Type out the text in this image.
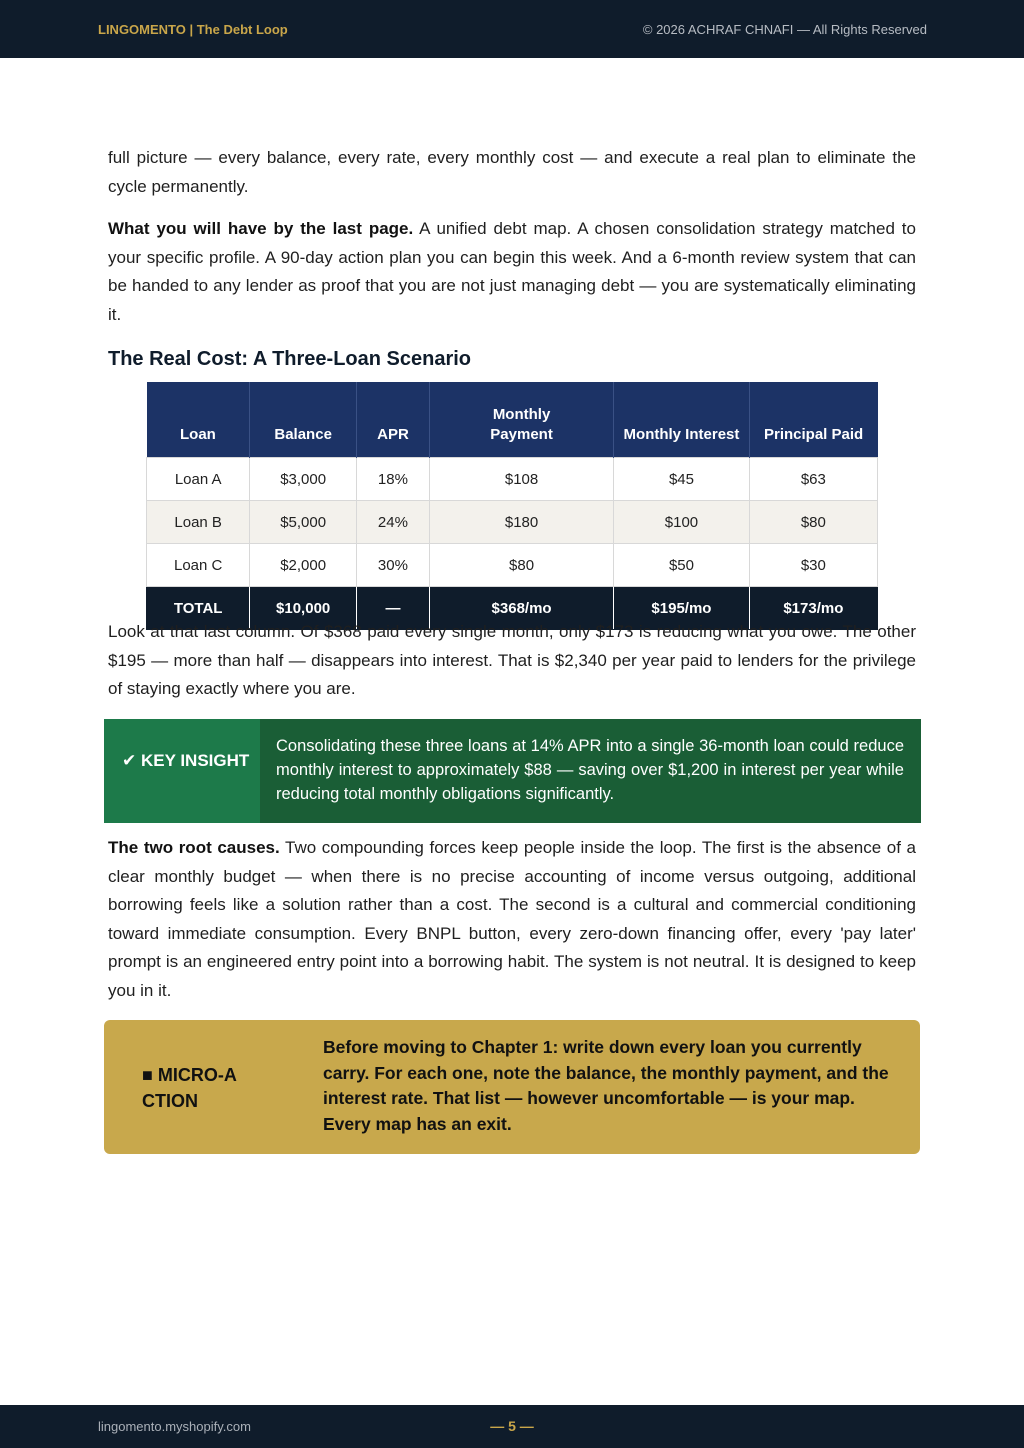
LINGOMENTO | The Debt Loop	© 2026 ACHRAF CHNAFI — All Rights Reserved

full picture — every balance, every rate, every monthly cost — and execute a real plan to eliminate the cycle permanently.

What you will have by the last page. A unified debt map. A chosen consolidation strategy matched to your specific profile. A 90-day action plan you can begin this week. And a 6-month review system that can be handed to any lender as proof that you are not just managing debt — you are systematically eliminating it.

The Real Cost: A Three-Loan Scenario
Loan	Balance	APR	Monthly Payment	Monthly Interest	Principal Paid
Loan A	$3,000	18%	$108	$45	$63
Loan B	$5,000	24%	$180	$100	$80
Loan C	$2,000	30%	$80	$50	$30
TOTAL	$10,000	—	$368/mo	$195/mo	$173/mo

Look at that last column. Of $368 paid every single month, only $173 is reducing what you owe. The other $195 — more than half — disappears into interest. That is $2,340 per year paid to lenders for the privilege of staying exactly where you are.

✔ KEY INSIGHT
Consolidating these three loans at 14% APR into a single 36-month loan could reduce monthly interest to approximately $88 — saving over $1,200 in interest per year while reducing total monthly obligations significantly.

The two root causes. Two compounding forces keep people inside the loop. The first is the absence of a clear monthly budget — when there is no precise accounting of income versus outgoing, additional borrowing feels like a solution rather than a cost. The second is a cultural and commercial conditioning toward immediate consumption. Every BNPL button, every zero-down financing offer, every 'pay later' prompt is an engineered entry point into a borrowing habit. The system is not neutral. It is designed to keep you in it.

■ MICRO-A
CTION
Before moving to Chapter 1: write down every loan you currently carry. For each one, note the balance, the monthly payment, and the interest rate. That list — however uncomfortable — is your map. Every map has an exit.
lingomento.myshopify.com	— 5 —
